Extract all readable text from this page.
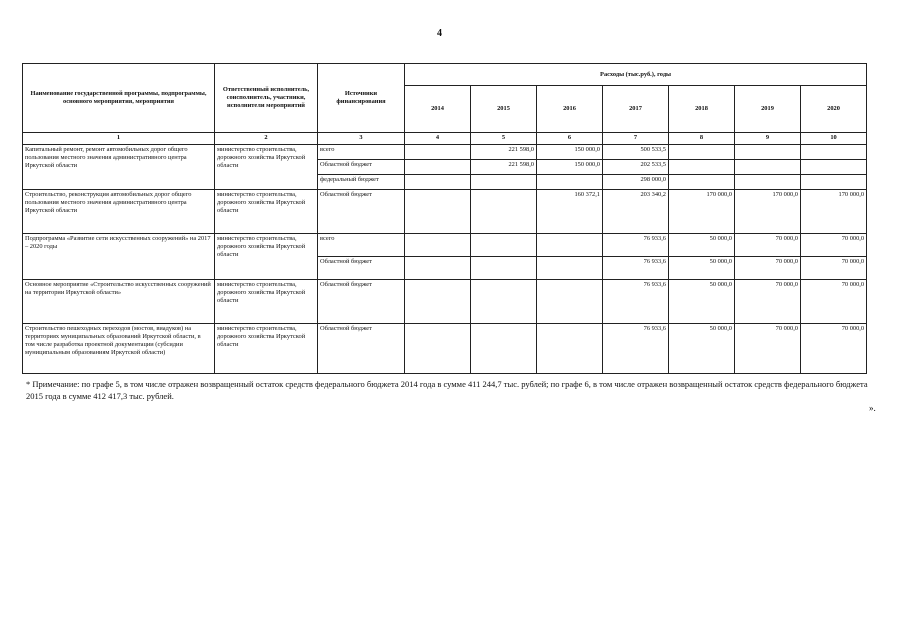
4
Наименование государственной программы, подпрограммы, основного мероприятия, мероприятия	Ответственный исполнитель, соисполнитель, участники, исполнители мероприятий	Источники финансирования	Расходы (тыс.руб.), годы						
			2014	2015	2016	2017	2018	2019	2020
1	2	3	4	5	6	7	8	9	10
Капитальный ремонт, ремонт автомобильных дорог общего пользования местного значения административного центра Иркутской области	министерство строительства, дорожного хозяйства Иркутской области	всего		221 598,0	150 000,0	500 533,5			
		Областной бюджет		221 598,0	150 000,0	202 533,5			
		федеральный бюджет				298 000,0			
Строительство, реконструкция автомобильных дорог общего пользования местного значения административного центра Иркутской области	министерство строительства, дорожного хозяйства Иркутской области	Областной бюджет			160 372,1	203 340,2	170 000,0	170 000,0	170 000,0
Подпрограмма «Развитие сети искусственных сооружений» на 2017 – 2020 годы	министерство строительства, дорожного хозяйства Иркутской области	всего				76 933,6	50 000,0	70 000,0	70 000,0
		Областной бюджет				76 933,6	50 000,0	70 000,0	70 000,0
Основное мероприятие «Строительство искусственных сооружений на территории Иркутской области»	министерство строительства, дорожного хозяйства Иркутской области	Областной бюджет				76 933,6	50 000,0	70 000,0	70 000,0
Строительство пешеходных переходов (мостов, виадуков) на территориях муниципальных образований Иркутской области, в том числе разработка проектной документации (субсидии муниципальным образованиям Иркутской области)	министерство строительства, дорожного хозяйства Иркутской области	Областной бюджет				76 933,6	50 000,0	70 000,0	70 000,0
* Примечание: по графе 5, в том числе отражен возвращенный остаток средств федерального бюджета 2014 года в сумме 411 244,7 тыс. рублей; по графе 6, в том числе отражен возвращенный остаток средств федерального бюджета 2015 года в сумме 412 417,3 тыс. рублей.
».
